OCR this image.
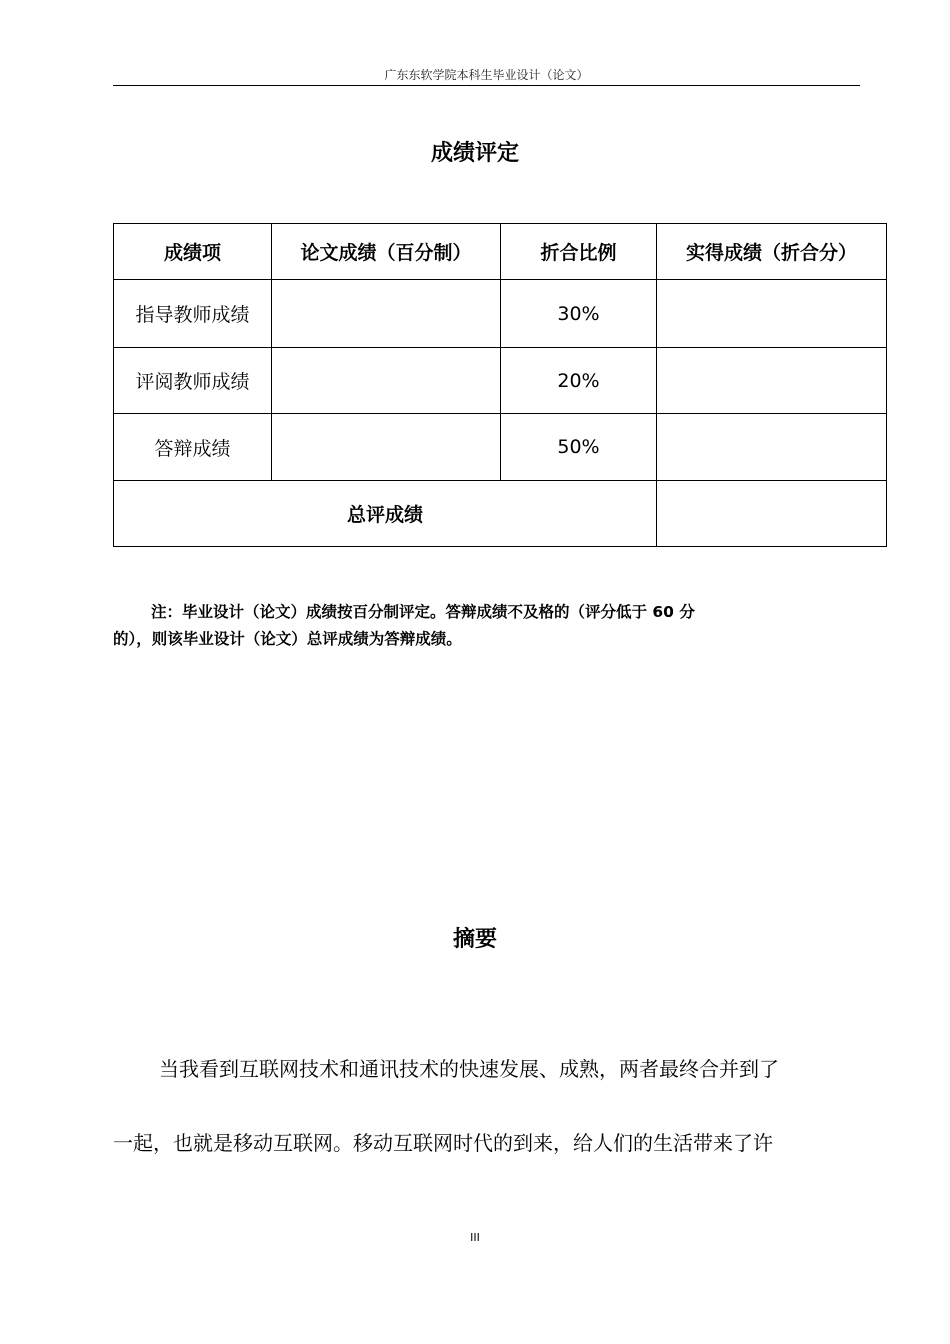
广东东软学院本科生毕业设计（论文）
成绩评定
成绩项	论文成绩（百分制）	折合比例	实得成绩（折合分）
指导教师成绩		30%	
评阅教师成绩		20%	
答辩成绩		50%	
总评成绩			
注：毕业设计（论文）成绩按百分制评定。答辩成绩不及格的（评分低于 60 分
的），则该毕业设计（论文）总评成绩为答辩成绩。
摘要
当我看到互联网技术和通讯技术的快速发展、成熟，两者最终合并到了
一起，也就是移动互联网。移动互联网时代的到来，给人们的生活带来了许
III
